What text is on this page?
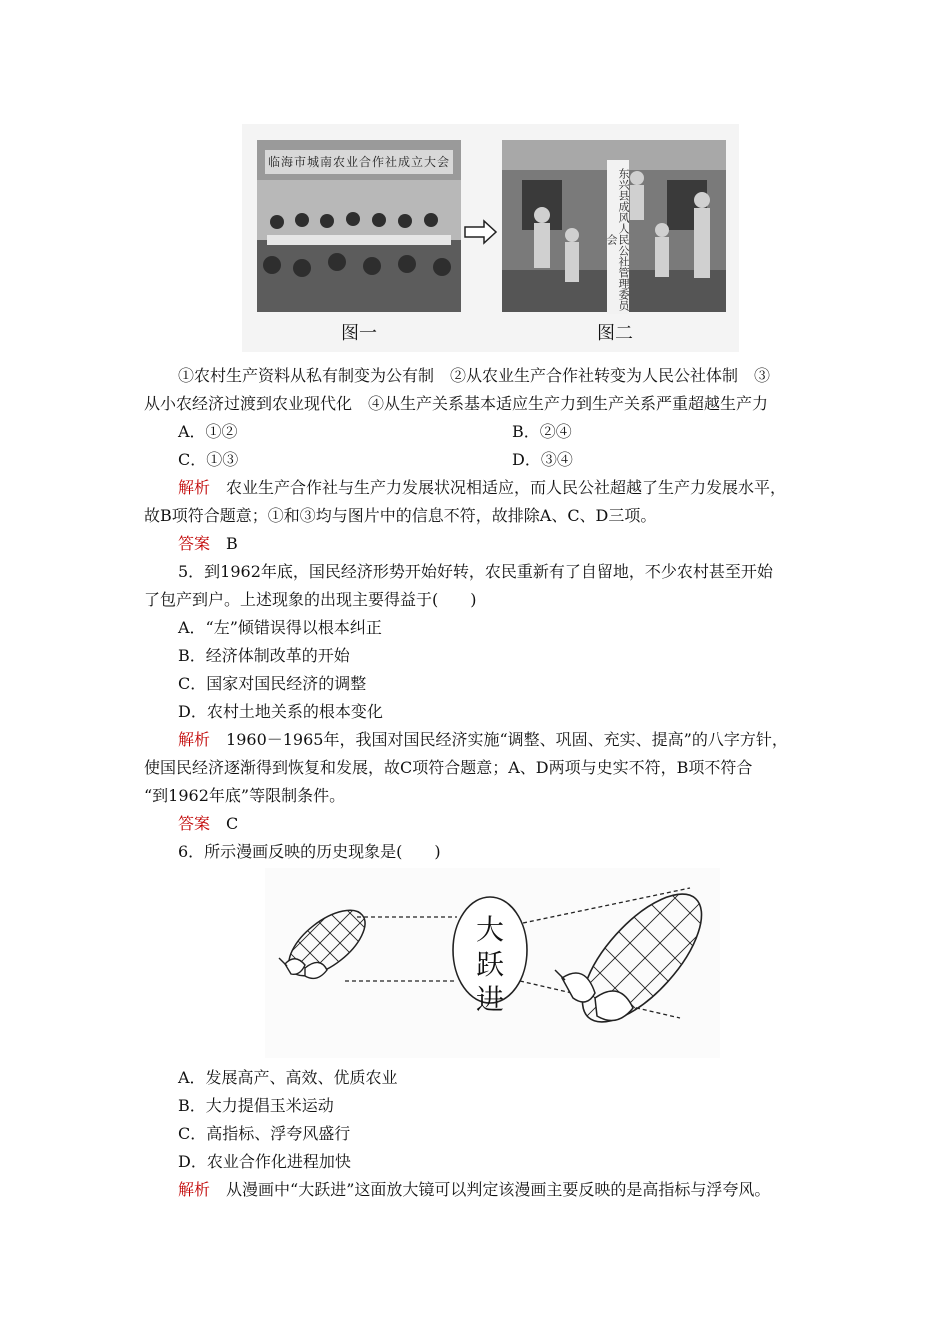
临海市城南农业合作社成立大会
东兴县成风人民公社管理委员会
图一	图二
①农村生产资料从私有制变为公有制　②从农业生产合作社转变为人民公社体制　③
从小农经济过渡到农业现代化　④从生产关系基本适应生产力到生产关系严重超越生产力
A．①②	B．②④
C．①③	D．③④
解析　 农业生产合作社与生产力发展状况相适应，而人民公社超越了生产力发展水平，
故B项符合题意；①和③均与图片中的信息不符，故排除A、C、D三项。
答案　 B
5．到1962年底，国民经济形势开始好转，农民重新有了自留地，不少农村甚至开始
了包产到户。上述现象的出现主要得益于(　　)
A．“左”倾错误得以根本纠正
B．经济体制改革的开始
C．国家对国民经济的调整
D．农村土地关系的根本变化
解析　 1960－1965年，我国对国民经济实施“调整、巩固、充实、提高”的八字方针，
使国民经济逐渐得到恢复和发展，故C项符合题意；A、D两项与史实不符，B项不符合
“到1962年底”等限制条件。
答案　 C
6．所示漫画反映的历史现象是(　　)
大
跃
进
A．发展高产、高效、优质农业
B．大力提倡玉米运动
C．高指标、浮夸风盛行
D．农业合作化进程加快
解析　 从漫画中“大跃进”这面放大镜可以判定该漫画主要反映的是高指标与浮夸风。
